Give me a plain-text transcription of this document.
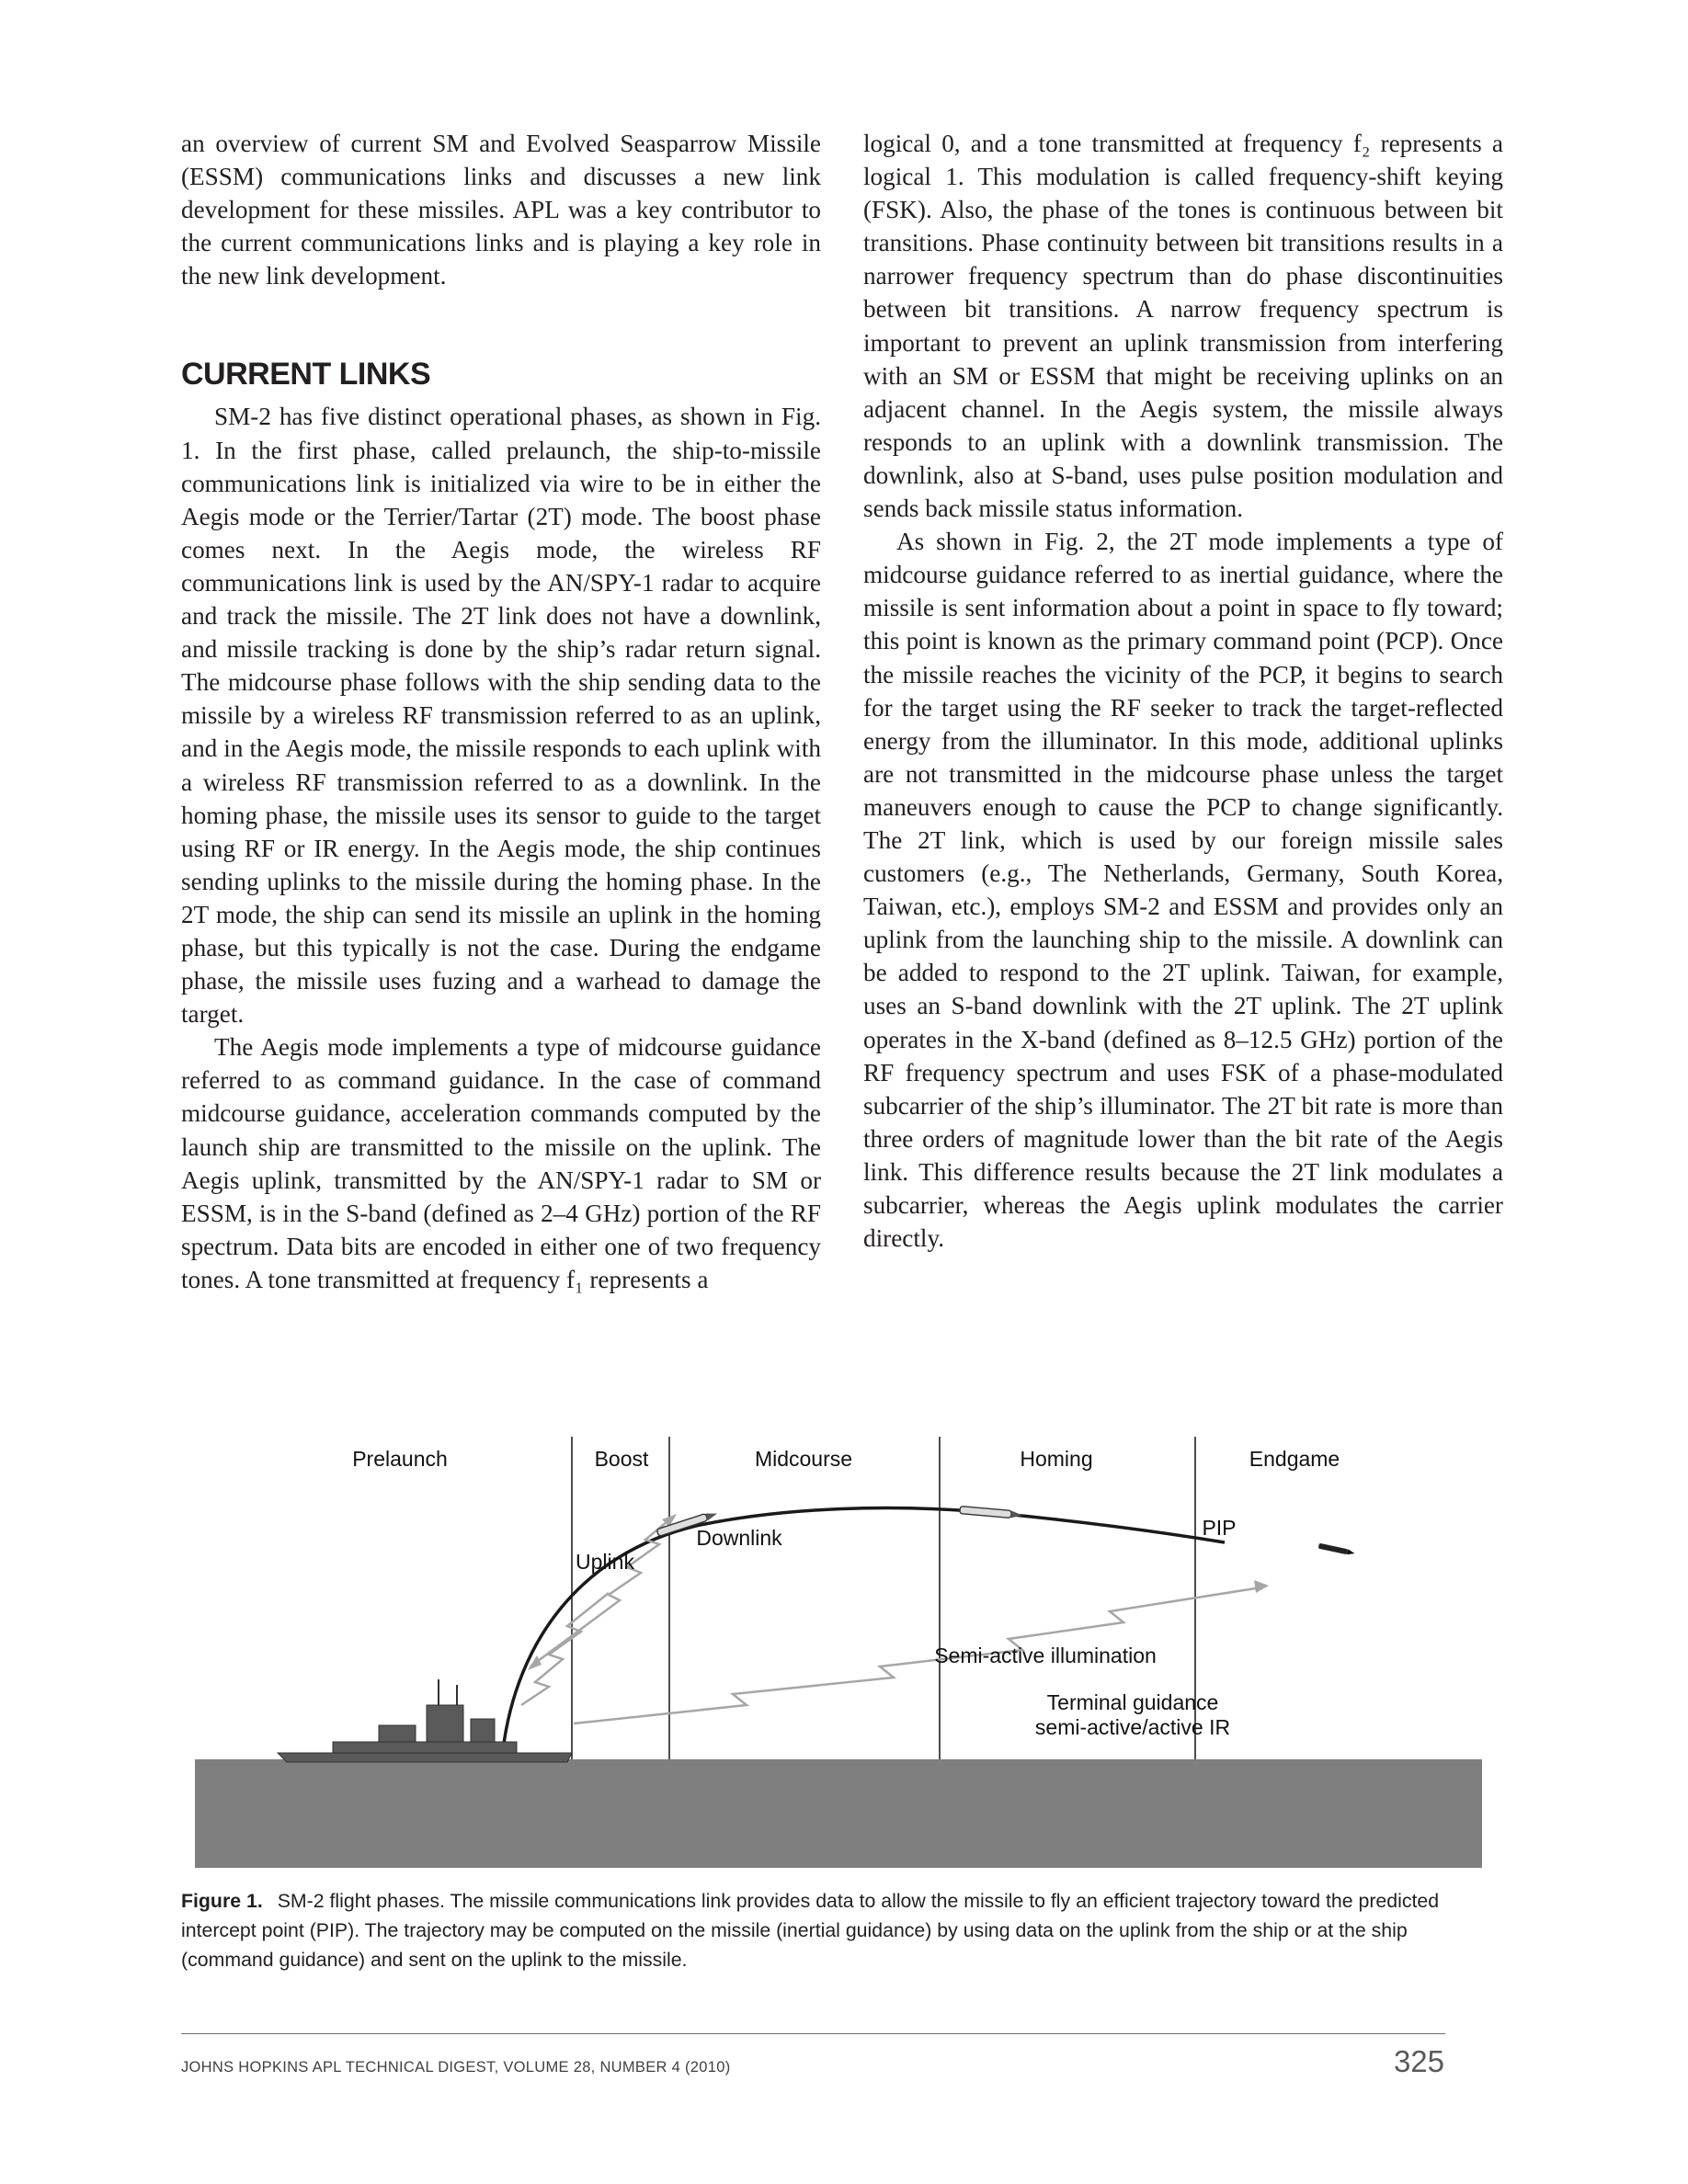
an overview of current SM and Evolved Seasparrow Missile (ESSM) communications links and discusses a new link development for these missiles. APL was a key contributor to the current communications links and is playing a key role in the new link development.

CURRENT LINKS

SM-2 has five distinct operational phases, as shown in Fig. 1. In the first phase, called prelaunch, the ship-to-missile communications link is initialized via wire to be in either the Aegis mode or the Terrier/Tartar (2T) mode. The boost phase comes next. In the Aegis mode, the wireless RF communications link is used by the AN/SPY-1 radar to acquire and track the missile. The 2T link does not have a downlink, and missile tracking is done by the ship’s radar return signal. The midcourse phase follows with the ship sending data to the missile by a wireless RF transmission referred to as an uplink, and in the Aegis mode, the missile responds to each uplink with a wireless RF transmission referred to as a downlink. In the homing phase, the missile uses its sensor to guide to the target using RF or IR energy. In the Aegis mode, the ship continues sending uplinks to the missile during the homing phase. In the 2T mode, the ship can send its missile an uplink in the homing phase, but this typically is not the case. During the endgame phase, the missile uses fuzing and a warhead to damage the target.

The Aegis mode implements a type of midcourse guidance referred to as command guidance. In the case of command midcourse guidance, acceleration commands computed by the launch ship are transmitted to the missile on the uplink. The Aegis uplink, transmitted by the AN/SPY-1 radar to SM or ESSM, is in the S-band (defined as 2–4 GHz) portion of the RF spectrum. Data bits are encoded in either one of two frequency tones. A tone transmitted at frequency f₁ represents a

logical 0, and a tone transmitted at frequency f₂ represents a logical 1. This modulation is called frequency-shift keying (FSK). Also, the phase of the tones is continuous between bit transitions. Phase continuity between bit transitions results in a narrower frequency spectrum than do phase discontinuities between bit transitions. A narrow frequency spectrum is important to prevent an uplink transmission from interfering with an SM or ESSM that might be receiving uplinks on an adjacent channel. In the Aegis system, the missile always responds to an uplink with a downlink transmission. The downlink, also at S-band, uses pulse position modulation and sends back missile status information.

As shown in Fig. 2, the 2T mode implements a type of midcourse guidance referred to as inertial guidance, where the missile is sent information about a point in space to fly toward; this point is known as the primary command point (PCP). Once the missile reaches the vicinity of the PCP, it begins to search for the target using the RF seeker to track the target-reflected energy from the illuminator. In this mode, additional uplinks are not transmitted in the midcourse phase unless the target maneuvers enough to cause the PCP to change significantly. The 2T link, which is used by our foreign missile sales customers (e.g., The Netherlands, Germany, South Korea, Taiwan, etc.), employs SM-2 and ESSM and provides only an uplink from the launching ship to the missile. A downlink can be added to respond to the 2T uplink. Taiwan, for example, uses an S-band downlink with the 2T uplink. The 2T uplink operates in the X-band (defined as 8–12.5 GHz) portion of the RF frequency spectrum and uses FSK of a phase-modulated subcarrier of the ship’s illuminator. The 2T bit rate is more than three orders of magnitude lower than the bit rate of the Aegis link. This difference results because the 2T link modulates a subcarrier, whereas the Aegis uplink modulates the carrier directly.

Prelaunch	Boost	Midcourse	Homing	Endgame
Uplink
Downlink	PIP
Semi-active illumination
Terminal guidance
semi-active/active IR
Figure 1. SM-2 flight phases. The missile communications link provides data to allow the missile to fly an efficient trajectory toward the predicted intercept point (PIP). The trajectory may be computed on the missile (inertial guidance) by using data on the uplink from the ship or at the ship (command guidance) and sent on the uplink to the missile.
JOHNS HOPKINS APL TECHNICAL DIGEST, VOLUME 28, NUMBER 4 (2010)	325
